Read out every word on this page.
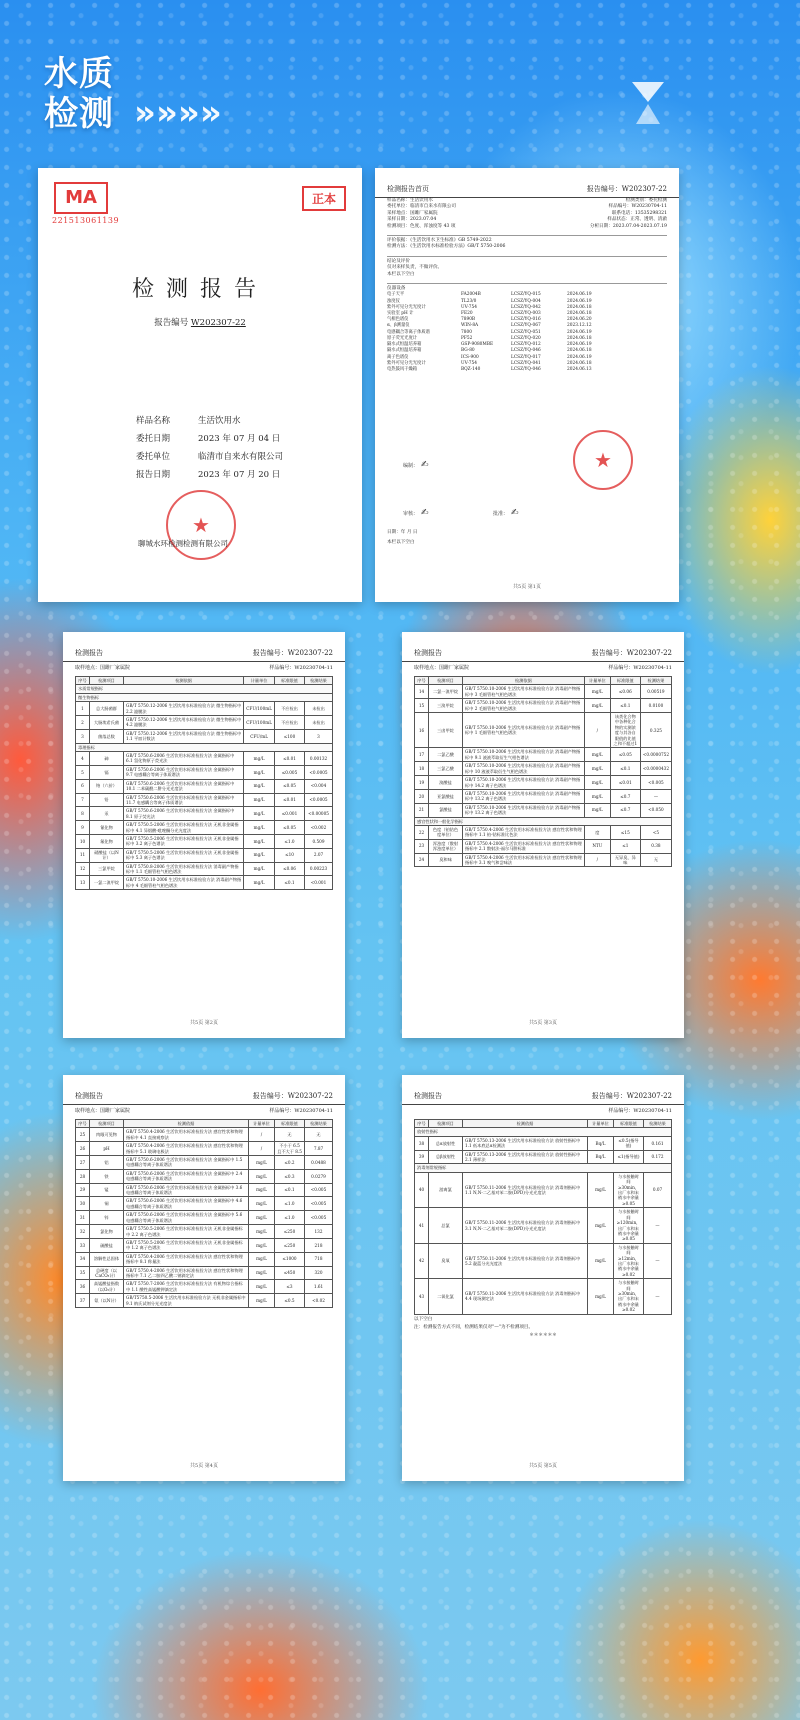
水质
检测 »»»»
MA
221513061139
正本
检测报告
报告编号 W202307-22
样品名称	生活饮用水
委托日期	2023 年 07 月 04 日
委托单位	临清市自来水有限公司
报告日期	2023 年 07 月 20 日
★
聊城水环检测检测有限公司
检测报告首页	报告编号：W202307-22
样品名称：生活饮用水	检测类别：委托检测
委托单位：临清市自来水有限公司	样品编号：W20230704-11
采样地点：国雎厂家属院	联系电话：13535298321
采样日期：2023.07.04	样品状态：正常、透明、清澈
检测项目：色度、浑浊度等 43 项	分析日期：2023.07.04-2023.07.19
评价依据：《生活饮用水卫生标准》GB 5749-2022
检测方法：《生活饮用水标准检验方法》GB/T 5750-2006
结论及评价
仅对来样负责，不做评价。
本栏以下空白
仪器设备
电子天平	FA2004B	LCSZ/YQ-015	2024.06.19
浊度仪	TL23/0	LCSZ/YQ-004	2024.06.19
紫外可见分光光度计	UV-754	LCSZ/YQ-042	2024.06.18
实验室 pH 计	FE20	LCSZ/YQ-003	2024.06.18
气相色谱仪	7890B	LCSZ/YQ-016	2024.06.20
α、β测量仪	WIN-8A	LCSZ/YQ-067	2023.12.12
电感耦合等离子体质谱	7800	LCSZ/YQ-051	2024.06.19
原子荧光光度计	PF52	LCSZ/YQ-020	2024.06.18
隔水式恒温培养箱	GSP-9080MBE	LCSZ/YQ-012	2024.06.19
隔水式恒温培养箱	BG-80	LCSZ/YQ-046	2024.06.18
离子色谱仪	ICS-900	LCSZ/YQ-017	2024.06.19
紫外可见分光光度计	UV-754	LCSZ/YQ-041	2024.06.18
电热鼓风干燥箱	BQZ-140	LCSZ/YQ-046	2024.06.13
编制： ✍
审核： ✍	批准： ✍
日期：年 月 日
本栏以下空白
★
共5页 第1页
检测报告	报告编号：W202307-22
取样地点：国雎厂家属院	样品编号：W20230704-11
序号	检测项目	检测依据	计量单位	标准限值	检测结果
水质常规指标					
微生物指标					
1	总大肠菌群	GB/T 5750.12-2006 生活饮用水标准检验方法 微生物指标中 2.2 滤膜法	CFU/100mL	不应检出	未检出
2	大肠埃希氏菌	GB/T 5750.12-2006 生活饮用水标准检验方法 微生物指标中 4.2 滤膜法	CFU/100mL	不应检出	未检出
3	菌落总数	GB/T 5750.12-2006 生活饮用水标准检验方法 微生物指标中 1.1 平皿计数法	CFU/mL	≤100	3
毒理指标					
4	砷	GB/T 5750.6-2006 生活饮用水标准检验方法 金属指标中 6.1 氢化物原子荧光法	mg/L	≤0.01	0.00132
5	镉	GB/T 5750.6-2006 生活饮用水标准检验方法 金属指标中 9.7 电感耦合等离子体质谱法	mg/L	≤0.005	<0.0005
6	铬（六价）	GB/T 5750.6-2006 生活饮用水标准检验方法 金属指标中 10.1 二苯碳酰二肼分光光度法	mg/L	≤0.05	<0.004
7	铅	GB/T 5750.6-2006 生活饮用水标准检验方法 金属指标中 11.7 电感耦合等离子体质谱法	mg/L	≤0.01	<0.0005
8	汞	GB/T 5750.6-2006 生活饮用水标准检验方法 金属指标中 8.1 原子荧光法	mg/L	≤0.001	<0.00005
9	氰化物	GB/T 5750.5-2006 生活饮用水标准检验方法 无机非金属指标中 4.1 异烟酸-吡唑酮分光光度法	mg/L	≤0.05	<0.002
10	氟化物	GB/T 5750.5-2006 生活饮用水标准检验方法 无机非金属指标中 3.2 离子色谱法	mg/L	≤1.0	0.509
11	硝酸盐（以N计）	GB/T 5750.5-2006 生活饮用水标准检验方法 无机非金属指标中 5.3 离子色谱法	mg/L	≤10	2.07
12	三氯甲烷	GB/T 5750.8-2006 生活饮用水标准检验方法 消毒副产物指标中 1.1 毛细管柱气相色谱法	mg/L	≤0.06	0.00223
13	一氯二溴甲烷	GB/T 5750.10-2006 生活饮用水标准检验方法 消毒副产物指标中 4 毛细管柱气相色谱法	mg/L	≤0.1	<0.001
共5页 第2页
检测报告	报告编号：W202307-22
取样地点：国雎厂家属院	样品编号：W20230704-11
序号	检测项目	检测依据	计量单位	标准限值	检测结果
14	二氯一溴甲烷	GB/T 5750.10-2006 生活饮用水标准检验方法 消毒副产物指标中 3 毛细管柱气相色谱法	mg/L	≤0.06	0.00519
15	三溴甲烷	GB/T 5750.10-2006 生活饮用水标准检验方法 消毒副产物指标中 2 毛细管柱气相色谱法	mg/L	≤0.1	0.0100
16	三卤甲烷	GB/T 5750.10-2006 生活饮用水标准检验方法 消毒副产物指标中 1 毛细管柱气相色谱法	/	该类化合物中各种化合物的实测浓度与其各自限值的比值之和不超过1	0.325
17	二氯乙酸	GB/T 5750.10-2006 生活饮用水标准检验方法 消毒副产物指标中 9.1 液液萃取衍生气相色谱法	mg/L	≤0.05	<0.0000752
18	三氯乙酸	GB/T 5750.10-2006 生活饮用水标准检验方法 消毒副产物指标中 10 液液萃取衍生气相色谱法	mg/L	≤0.1	<0.0000432
19	溴酸盐	GB/T 5750.10-2006 生活饮用水标准检验方法 消毒副产物指标中 14.2 离子色谱法	mg/L	≤0.01	<0.005
20	亚氯酸盐	GB/T 5750.10-2006 生活饮用水标准检验方法 消毒副产物指标中 13.2 离子色谱法	mg/L	≤0.7	—
21	氯酸盐	GB/T 5750.10-2006 生活饮用水标准检验方法 消毒副产物指标中 13.2 离子色谱法	mg/L	≤0.7	<0.050
感官性状和一般化学指标					
22	色度（铂钴色度单位）	GB/T 5750.4-2006 生活饮用水标准检验方法 感官性状和物理指标中 1.1 铂-钴标准比色法	度	≤15	<5
23	浑浊度（散射浑浊度单位）	GB/T 5750.4-2006 生活饮用水标准检验方法 感官性状和物理指标中 2.1 散射法-福尔马肼标准	NTU	≤1	0.38
24	臭和味	GB/T 5750.4-2006 生活饮用水标准检验方法 感官性状和物理指标中 3.1 嗅气和尝味法	/	无异臭、异味	无
共5页 第3页
检测报告	报告编号：W202307-22
取样地点：国雎厂家属院	样品编号：W20230704-11
序号	检测项目	检测依据	计量单位	标准限值	检测结果
25	肉眼可见物	GB/T 5750.4-2006 生活饮用水标准检验方法 感官性状和物理指标中 4.1 直接观察法	/	无	无
26	pH	GB/T 5750.4-2006 生活饮用水标准检验方法 感官性状和物理指标中 5.1 玻璃电极法	/	不小于 6.5 且不大于 8.5	7.87
27	铝	GB/T 5750.6-2006 生活饮用水标准检验方法 金属指标中 1.5 电感耦合等离子体质谱法	mg/L	≤0.2	0.0488
28	铁	GB/T 5750.6-2006 生活饮用水标准检验方法 金属指标中 2.4 电感耦合等离子体质谱法	mg/L	≤0.3	0.0279
29	锰	GB/T 5750.6-2006 生活饮用水标准检验方法 金属指标中 3.6 电感耦合等离子体质谱法	mg/L	≤0.1	<0.005
30	铜	GB/T 5750.6-2006 生活饮用水标准检验方法 金属指标中 4.6 电感耦合等离子体质谱法	mg/L	≤1.0	<0.005
31	锌	GB/T 5750.6-2006 生活饮用水标准检验方法 金属指标中 5.6 电感耦合等离子体质谱法	mg/L	≤1.0	<0.005
32	氯化物	GB/T 5750.5-2006 生活饮用水标准检验方法 无机非金属指标中 2.2 离子色谱法	mg/L	≤250	132
33	硫酸盐	GB/T 5750.5-2006 生活饮用水标准检验方法 无机非金属指标中 1.2 离子色谱法	mg/L	≤250	218
34	溶解性总固体	GB/T 5750.4-2006 生活饮用水标准检验方法 感官性状和物理指标中 8.1 称量法	mg/L	≤1000	718
35	总硬度（以CaCO₃计）	GB/T 5750.4-2006 生活饮用水标准检验方法 感官性状和物理指标中 7.1 乙二胺四乙酸二钠滴定法	mg/L	≤450	320
36	高锰酸盐指数（以O₂计）	GB/T 5750.7-2006 生活饮用水标准检验方法 有机物综合指标中 1.1 酸性高锰酸钾滴定法	mg/L	≤3	1.61
37	氨（以N计）	GB/T5750.5-2006 生活饮用水标准检验方法 无机非金属指标中 9.1 纳氏试剂分光光度法	mg/L	≤0.5	<0.02
共5页 第4页
检测报告	报告编号：W202307-22
样品编号：W20230704-11
序号	检测项目	检测依据	计量单位	标准限值	检测结果
放射性指标					
38	总α放射性	GB/T 5750.13-2006 生活饮用水标准检验方法 放射性指标中 1.1 低本底总α检测法	Bq/L	≤0.5(指导值)	0.161
39	总β放射性	GB/T 5750.13-2006 生活饮用水标准检验方法 放射性指标中 2.1 薄样法	Bq/L	≤1(指导值)	0.172
消毒剂常规指标					
40	游离氯	GB/T 5750.11-2006 生活饮用水标准检验方法 消毒剂指标中 1.1 N,N-二乙基对苯二胺(DPD)分光光度法	mg/L	与水接触时间≥30min，出厂水和末梢水中余量≥0.05	0.07
41	总氯	GB/T 5750.11-2006 生活饮用水标准检验方法 消毒剂指标中 3.1 N,N-二乙基对苯二胺(DPD)分光光度法	mg/L	与水接触时间≥120min，出厂水和末梢水中余量≥0.05	—
42	臭氧	GB/T 5750.11-2006 生活饮用水标准检验方法 消毒剂指标中 5.2 靛蓝分光光度法	mg/L	与水接触时间≥12min，出厂水和末梢水中余量≥0.02	—
43	二氧化氯	GB/T 5750.11-2006 生活饮用水标准检验方法 消毒剂指标中 4.4 现场测定法	mg/L	与水接触时间≥30min，出厂水和末梢水中余量≥0.02	—
以下空白
注：检测报告方式不同，检测结果仅对"—"为不检测项目。
＊＊＊＊＊＊
共5页 第5页
